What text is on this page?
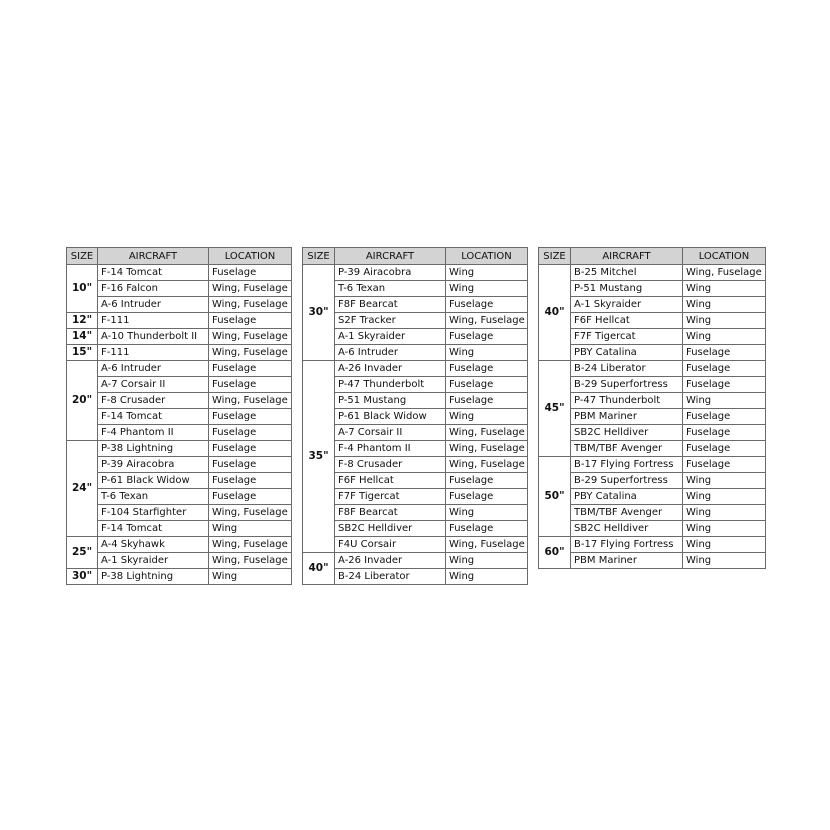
SIZE	AIRCRAFT	LOCATION
10"	F-14 Tomcat	Fuselage
	F-16 Falcon	Wing, Fuselage
	A-6 Intruder	Wing, Fuselage
12"	F-111	Fuselage
14"	A-10 Thunderbolt II	Wing, Fuselage
15"	F-111	Wing, Fuselage
20"	A-6 Intruder	Fuselage
	A-7 Corsair II	Fuselage
	F-8 Crusader	Wing, Fuselage
	F-14 Tomcat	Fuselage
	F-4 Phantom II	Fuselage
24"	P-38 Lightning	Fuselage
	P-39 Airacobra	Fuselage
	P-61 Black Widow	Fuselage
	T-6 Texan	Fuselage
	F-104 Starfighter	Wing, Fuselage
	F-14 Tomcat	Wing
25"	A-4 Skyhawk	Wing, Fuselage
	A-1 Skyraider	Wing, Fuselage
30"	P-38 Lightning	Wing
SIZE	AIRCRAFT	LOCATION
30"	P-39 Airacobra	Wing
	T-6 Texan	Wing
	F8F Bearcat	Fuselage
	S2F Tracker	Wing, Fuselage
	A-1 Skyraider	Fuselage
	A-6 Intruder	Wing
35"	A-26 Invader	Fuselage
	P-47 Thunderbolt	Fuselage
	P-51 Mustang	Fuselage
	P-61 Black Widow	Wing
	A-7 Corsair II	Wing, Fuselage
	F-4 Phantom II	Wing, Fuselage
	F-8 Crusader	Wing, Fuselage
	F6F Hellcat	Fuselage
	F7F Tigercat	Fuselage
	F8F Bearcat	Wing
	SB2C Helldiver	Fuselage
	F4U Corsair	Wing, Fuselage
40"	A-26 Invader	Wing
	B-24 Liberator	Wing
SIZE	AIRCRAFT	LOCATION
40"	B-25 Mitchel	Wing, Fuselage
	P-51 Mustang	Wing
	A-1 Skyraider	Wing
	F6F Hellcat	Wing
	F7F Tigercat	Wing
	PBY Catalina	Fuselage
45"	B-24 Liberator	Fuselage
	B-29 Superfortress	Fuselage
	P-47 Thunderbolt	Wing
	PBM Mariner	Fuselage
	SB2C Helldiver	Fuselage
	TBM/TBF Avenger	Fuselage
50"	B-17 Flying Fortress	Fuselage
	B-29 Superfortress	Wing
	PBY Catalina	Wing
	TBM/TBF Avenger	Wing
	SB2C Helldiver	Wing
60"	B-17 Flying Fortress	Wing
	PBM Mariner	Wing
